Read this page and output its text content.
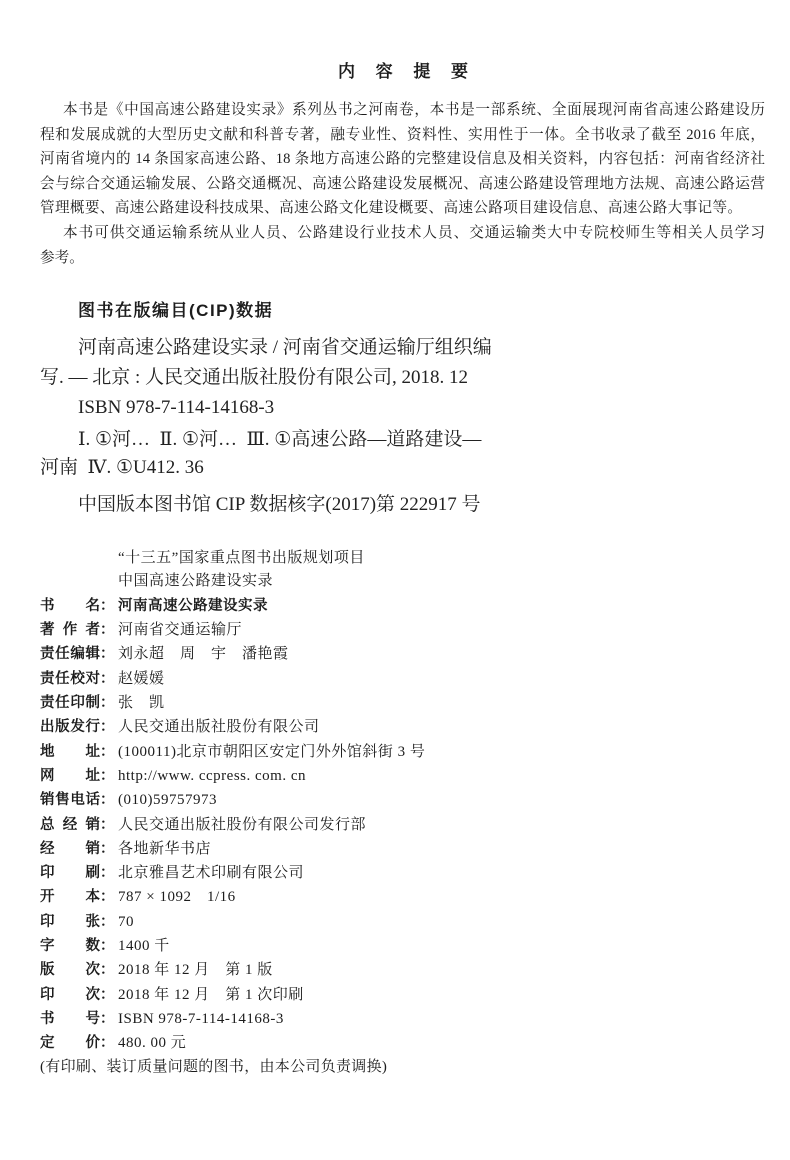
内 容 提 要
本书是《中国高速公路建设实录》系列丛书之河南卷，本书是一部系统、全面展现河南省高速公路建设历
程和发展成就的大型历史文献和科普专著，融专业性、资料性、实用性于一体。全书收录了截至 2016 年底，
河南省境内的 14 条国家高速公路、18 条地方高速公路的完整建设信息及相关资料，内容包括：河南省经济社
会与综合交通运输发展、公路交通概况、高速公路建设发展概况、高速公路建设管理地方法规、高速公路运营
管理概要、高速公路建设科技成果、高速公路文化建设概要、高速公路项目建设信息、高速公路大事记等。
本书可供交通运输系统从业人员、公路建设行业技术人员、交通运输类大中专院校师生等相关人员学习
参考。
图书在版编目(CIP)数据
河南高速公路建设实录 / 河南省交通运输厅组织编
写. — 北京 : 人民交通出版社股份有限公司, 2018. 12
ISBN 978-7-114-14168-3
Ⅰ. ①河…  Ⅱ. ①河…  Ⅲ. ①高速公路—道路建设—
河南  Ⅳ. ①U412. 36
中国版本图书馆 CIP 数据核字(2017)第 222917 号
“十三五”国家重点图书出版规划项目
中国高速公路建设实录
书　　名： 河南高速公路建设实录
著 作 者： 河南省交通运输厅
责任编辑： 刘永超　周　宇　潘艳霞
责任校对： 赵媛媛
责任印制： 张　凯
出版发行： 人民交通出版社股份有限公司
地　　址： (100011)北京市朝阳区安定门外外馆斜街 3 号
网　　址： http://www. ccpress. com. cn
销售电话： (010)59757973
总 经 销： 人民交通出版社股份有限公司发行部
经　　销： 各地新华书店
印　　刷： 北京雅昌艺术印刷有限公司
开　　本： 787 × 1092　1/16
印　　张： 70
字　　数： 1400 千
版　　次： 2018 年 12 月　第 1 版
印　　次： 2018 年 12 月　第 1 次印刷
书　　号： ISBN 978-7-114-14168-3
定　　价： 480. 00 元
(有印刷、装订质量问题的图书，由本公司负责调换)
